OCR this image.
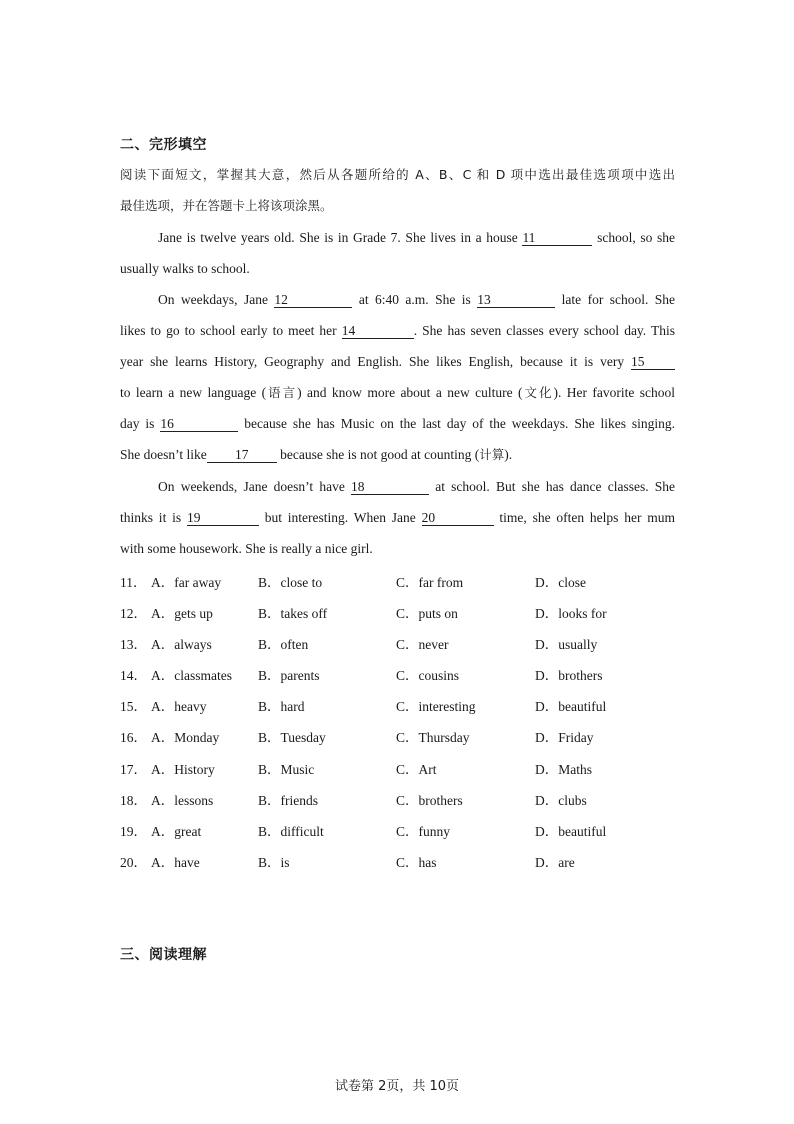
二、完形填空
阅读下面短文，掌握其大意，然后从各题所给的 A、B、C 和 D 项中选出最佳选项项中选出
最佳选项，并在答题卡上将该项涂黑。
Jane is twelve years old. She is in Grade 7. She lives in a house 11	school, so she
usually walks to school.
On weekdays, Jane 12	at 6:40 a.m. She is 13	late for school. She
likes to go to school early to meet her 14	. She has seven classes every school day. This
year she learns History, Geography and English. She likes English, because it is very 15
to learn a new language (语言) and know more about a new culture (文化). Her favorite school
day is 16	because she has Music on the last day of the weekdays. She likes singing.
She doesn’t like 17 because she is not good at counting (计算).
On weekends, Jane doesn’t have 18	at school. But she has dance classes. She
thinks it is 19	but interesting. When Jane 20	time, she often helps her mum
with some housework. She is really a nice girl.
11． A．far away	B．close to	C．far from	D．close
12． A．gets up	B．takes off	C．puts on	D．looks for
13． A．always	B．often	C．never	D．usually
14． A．classmates B．parents	C．cousins	D．brothers
15． A．heavy	B．hard	C．interesting	D．beautiful
16． A．Monday	B．Tuesday	C．Thursday	D．Friday
17． A．History	B．Music	C．Art	D．Maths
18． A．lessons	B．friends	C．brothers	D．clubs
19． A．great	B．difficult	C．funny	D．beautiful
20． A．have	B．is	C．has	D．are
三、阅读理解
试卷第 2页，共 10页
